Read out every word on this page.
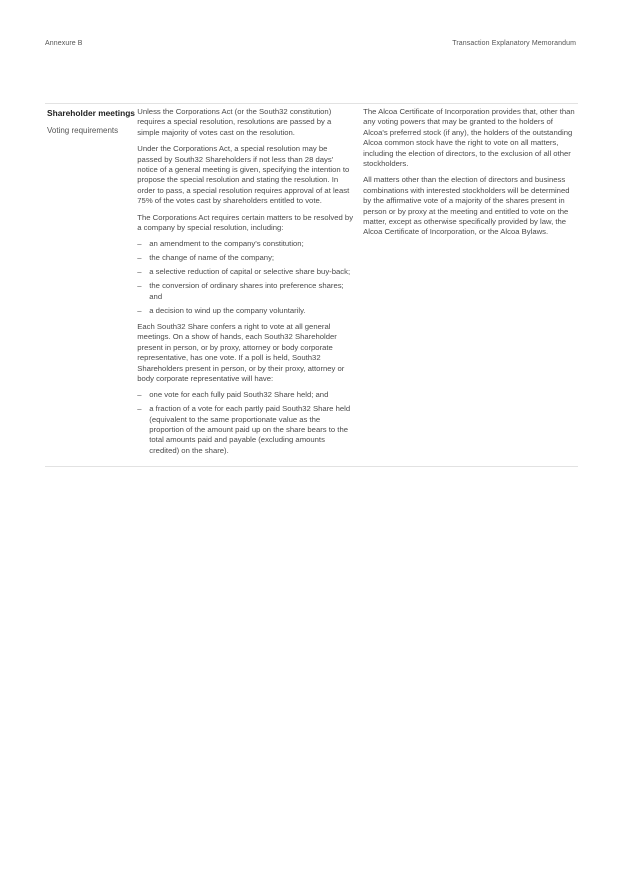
Annexure B	Transaction Explanatory Memorandum
Shareholder meetings
Voting requirements

Unless the Corporations Act (or the South32 constitution) requires a special resolution, resolutions are passed by a simple majority of votes cast on the resolution.

Under the Corporations Act, a special resolution may be passed by South32 Shareholders if not less than 28 days' notice of a general meeting is given, specifying the intention to propose the special resolution and stating the resolution. In order to pass, a special resolution requires approval of at least 75% of the votes cast by shareholders entitled to vote.

The Corporations Act requires certain matters to be resolved by a company by special resolution, including:

– an amendment to the company's constitution;
– the change of name of the company;
– a selective reduction of capital or selective share buy-back;
– the conversion of ordinary shares into preference shares; and
– a decision to wind up the company voluntarily.

Each South32 Share confers a right to vote at all general meetings. On a show of hands, each South32 Shareholder present in person, or by proxy, attorney or body corporate representative, has one vote. If a poll is held, South32 Shareholders present in person, or by their proxy, attorney or body corporate representative will have:

– one vote for each fully paid South32 Share held; and
– a fraction of a vote for each partly paid South32 Share held (equivalent to the same proportionate value as the proportion of the amount paid up on the share bears to the total amounts paid and payable (excluding amounts credited) on the share).

The Alcoa Certificate of Incorporation provides that, other than any voting powers that may be granted to the holders of Alcoa's preferred stock (if any), the holders of the outstanding Alcoa common stock have the right to vote on all matters, including the election of directors, to the exclusion of all other stockholders.

All matters other than the election of directors and business combinations with interested stockholders will be determined by the affirmative vote of a majority of the shares present in person or by proxy at the meeting and entitled to vote on the matter, except as otherwise specifically provided by law, the Alcoa Certificate of Incorporation, or the Alcoa Bylaws.
